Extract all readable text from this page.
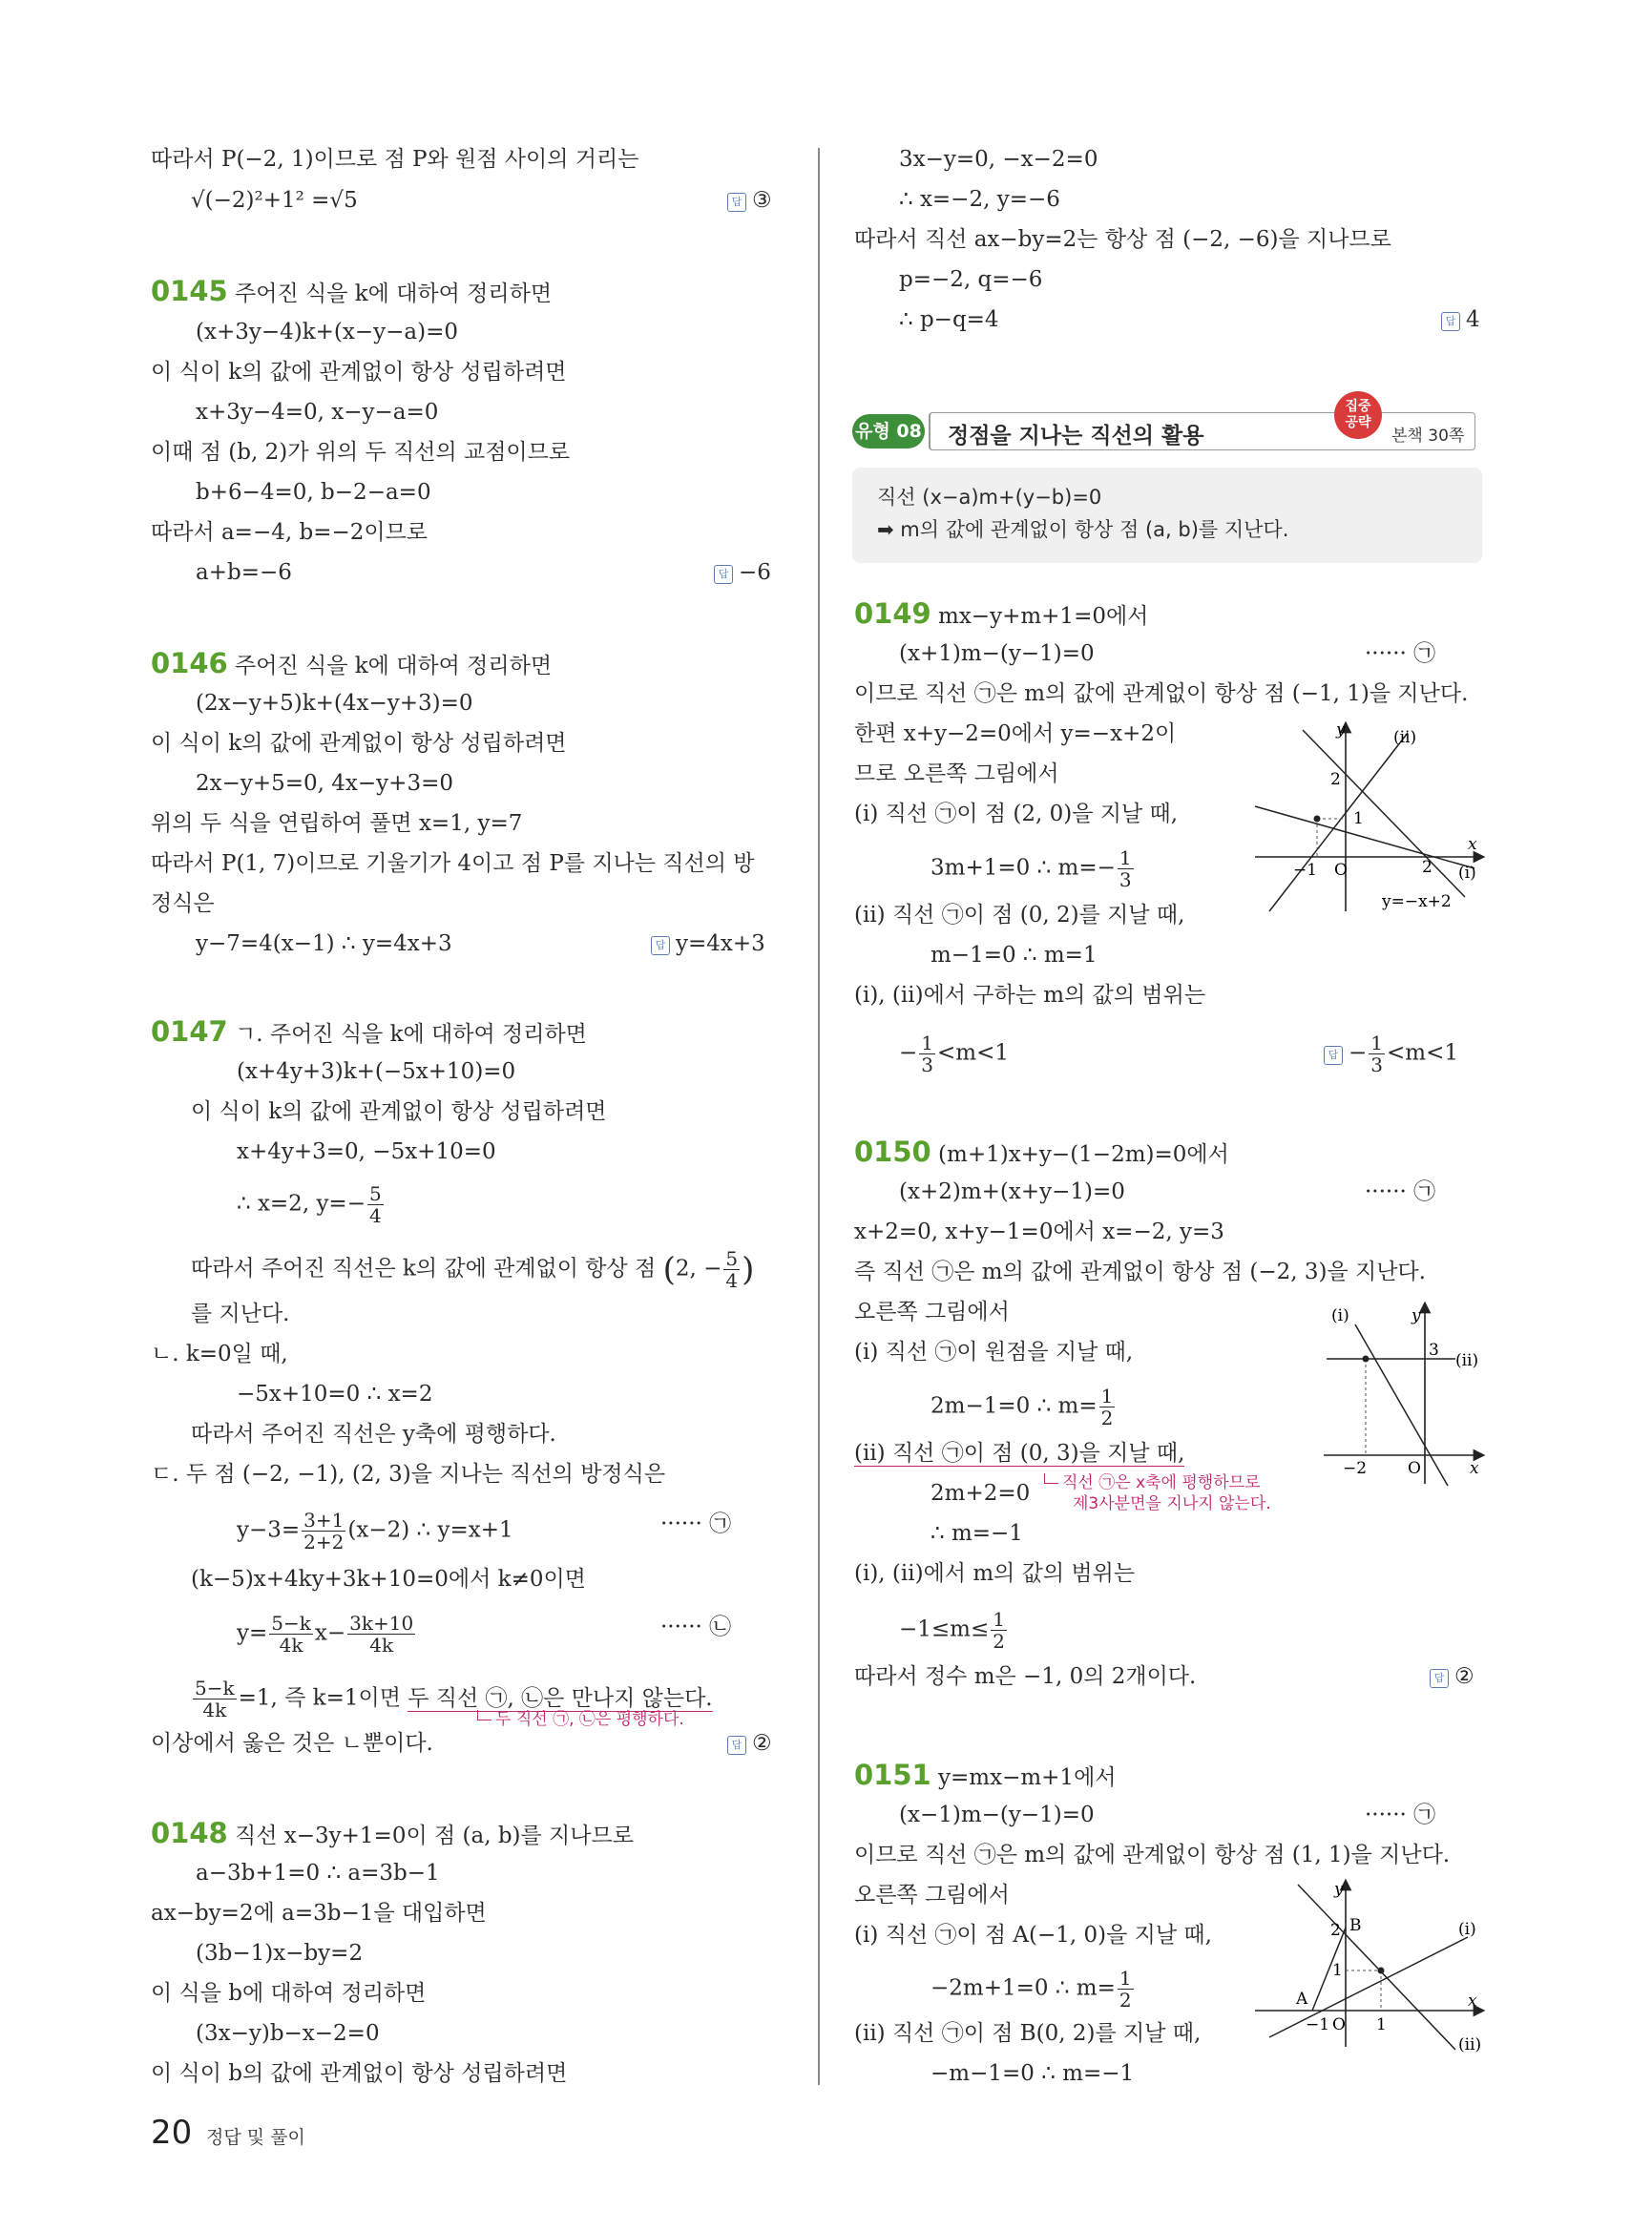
따라서 P(−2, 1)이므로 점 P와 원점 사이의 거리는
√(−2)²+1² =√5	답 ③
0145 주어진 식을 k에 대하여 정리하면
(x+3y−4)k+(x−y−a)=0
이 식이 k의 값에 관계없이 항상 성립하려면
x+3y−4=0, x−y−a=0
이때 점 (b, 2)가 위의 두 직선의 교점이므로
b+6−4=0, b−2−a=0
따라서 a=−4, b=−2이므로
a+b=−6	답 −6
0146 주어진 식을 k에 대하여 정리하면
(2x−y+5)k+(4x−y+3)=0
이 식이 k의 값에 관계없이 항상 성립하려면
2x−y+5=0, 4x−y+3=0
위의 두 식을 연립하여 풀면 x=1, y=7
따라서 P(1, 7)이므로 기울기가 4이고 점 P를 지나는 직선의 방
정식은
y−7=4(x−1) ∴ y=4x+3	답 y=4x+3
0147 ㄱ. 주어진 식을 k에 대하여 정리하면
(x+4y+3)k+(−5x+10)=0
이 식이 k의 값에 관계없이 항상 성립하려면
x+4y+3=0, −5x+10=0
∴ x=2, $y=- \frac{5}{4}$
따라서 주어진 직선은 k의 값에 관계없이 항상 점 (2, − $\frac{5}{4}$ )
를 지난다.
ㄴ. k=0일 때,
−5x+10=0 ∴ x=2
따라서 주어진 직선은 y축에 평행하다.
ㄷ. 두 점 (−2, −1), (2, 3)을 지나는 직선의 방정식은
$y-3= \frac{3+1}{2+2} (x-2)$ ∴ y=x+1	······ ㉠
(k−5)x+4ky+3k+10=0에서 k≠0이면
$y= \frac{5-k}{4k} x- \frac{3k+10}{4k}$	······ ㉡
$\frac{5-k}{4k} =1$, 즉 k=1이면 두 직선 ㉠, ㉡은 만나지 않는다.
두 직선 ㉠, ㉡은 평행하다.
이상에서 옳은 것은 ㄴ뿐이다.	답 ②
0148 직선 x−3y+1=0이 점 (a, b)를 지나므로
a−3b+1=0 ∴ a=3b−1
ax−by=2에 a=3b−1을 대입하면
(3b−1)x−by=2
이 식을 b에 대하여 정리하면
(3x−y)b−x−2=0
이 식이 b의 값에 관계없이 항상 성립하려면
3x−y=0, −x−2=0
∴ x=−2, y=−6
따라서 직선 ax−by=2는 항상 점 (−2, −6)을 지나므로
p=−2, q=−6
∴ p−q=4	답 4
유형 08 정점을 지나는 직선의 활용
집중
공략
본책 30쪽
직선 (x−a)m+(y−b)=0
➡ m의 값에 관계없이 항상 점 (a, b)를 지난다.
0149 mx−y+m+1=0에서
(x+1)m−(y−1)=0	······ ㉠
이므로 직선 ㉠은 m의 값에 관계없이 항상 점 (−1, 1)을 지난다.
한편 x+y−2=0에서 y=−x+2이
므로 오른쪽 그림에서
(ⅰ) 직선 ㉠이 점 (2, 0)을 지날 때,
3m+1=0 ∴ $m=- \frac{1}{3}$
(ⅱ) 직선 ㉠이 점 (0, 2)를 지날 때,
m−1=0 ∴ m=1
(ⅰ), (ⅱ)에서 구하는 m의 값의 범위는
− $\frac{1}{3} <m<1$	답 − $\frac{1}{3} <m<1$
y	(ⅱ)
2
1
x
−1 O	2 (ⅰ)
y=−x+2
0150 (m+1)x+y−(1−2m)=0에서
(x+2)m+(x+y−1)=0	······ ㉠
x+2=0, x+y−1=0에서 x=−2, y=3
즉 직선 ㉠은 m의 값에 관계없이 항상 점 (−2, 3)을 지난다.
오른쪽 그림에서
(ⅰ) 직선 ㉠이 원점을 지날 때,
2m−1=0 ∴ $m= \frac{1}{2}$
(ⅱ) 직선 ㉠이 점 (0, 3)을 지날 때,
2m+2=0	직선 ㉠은 x축에 평행하므로
제3사분면을 지나지 않는다.
∴ m=−1
(ⅰ), (ⅱ)에서 m의 값의 범위는
$-1\le m\le \frac{1}{2}$
따라서 정수 m은 −1, 0의 2개이다.	답 ②
(ⅰ)	y
3
(ⅱ)
−2	O	x
0151 y=mx−m+1에서
(x−1)m−(y−1)=0	······ ㉠
이므로 직선 ㉠은 m의 값에 관계없이 항상 점 (1, 1)을 지난다.
오른쪽 그림에서
(ⅰ) 직선 ㉠이 점 A(−1, 0)을 지날 때,
−2m+1=0 ∴ $m= \frac{1}{2}$
(ⅱ) 직선 ㉠이 점 B(0, 2)를 지날 때,
−m−1=0 ∴ m=−1
y
2 B	(ⅰ)
1
A
−1 O 1
x
(ⅱ)
20 정답 및 풀이
